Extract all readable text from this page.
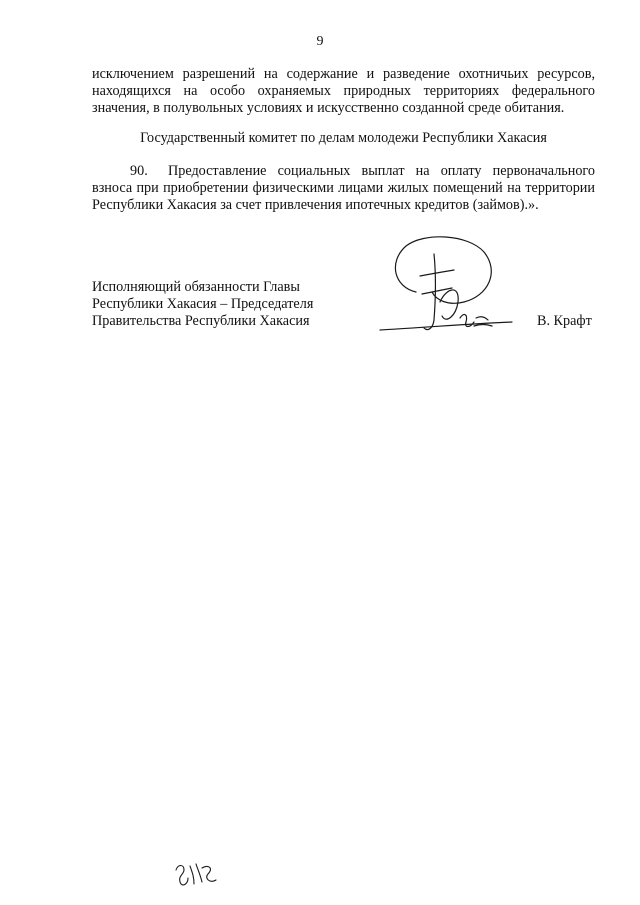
9
исключением разрешений на содержание и разведение охотничьих ресурсов, находящихся на особо охраняемых природных территориях федерального значения, в полувольных условиях и искусственно созданной среде обитания.
Государственный комитет по делам молодежи Республики Хакасия
90. Предоставление социальных выплат на оплату первоначального взноса при приобретении физическими лицами жилых помещений на территории Республики Хакасия за счет привлечения ипотечных кредитов (займов).».
Исполняющий обязанности Главы
Республики Хакасия – Председателя
Правительства Республики Хакасия	В. Крафт
